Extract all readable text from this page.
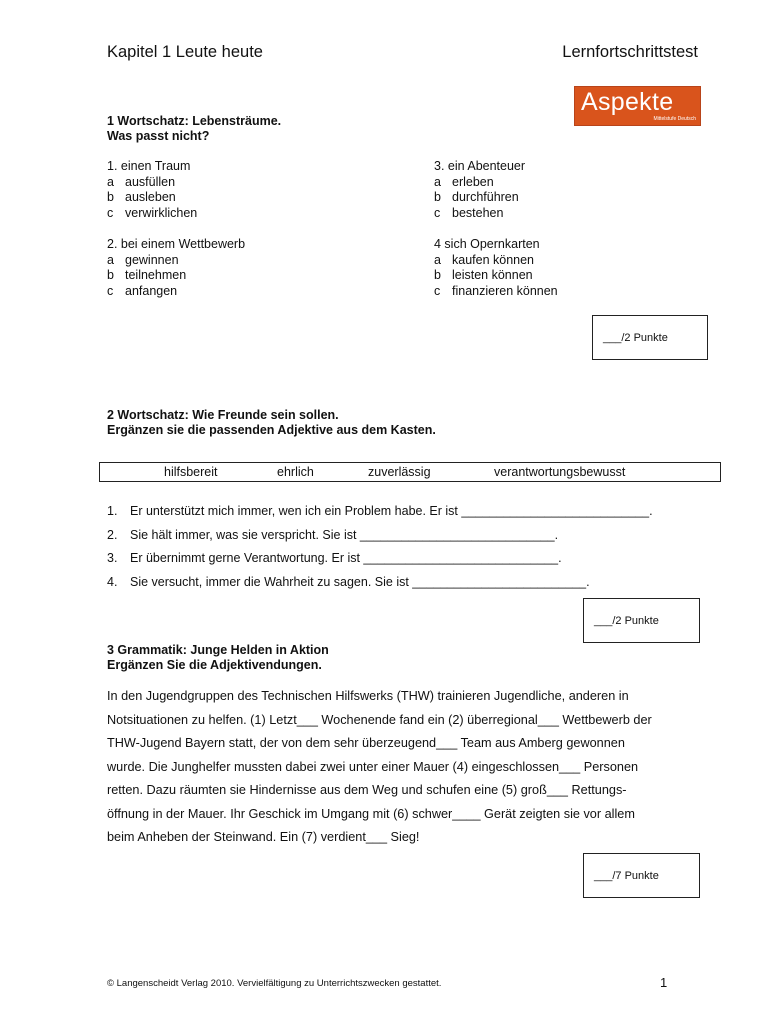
Kapitel 1 Leute heute	Lernfortschrittstest
Aspekte
Mittelstufe Deutsch
1 Wortschatz: Lebensträume.
Was passt nicht?
1. einen Traum
a ausfüllen
b ausleben
c verwirklichen
3. ein Abenteuer
a erleben
b durchführen
c bestehen
2. bei einem Wettbewerb
a gewinnen
b teilnehmen
c anfangen
4 sich Opernkarten
a kaufen können
b leisten können
c finanzieren können
___/2 Punkte
2 Wortschatz: Wie Freunde sein sollen.
Ergänzen sie die passenden Adjektive aus dem Kasten.
hilfsbereit	ehrlich	zuverlässig	verantwortungsbewusst
1. Er unterstützt mich immer, wen ich ein Problem habe. Er ist ___________________________.
2. Sie hält immer, was sie verspricht. Sie ist ____________________________.
3. Er übernimmt gerne Verantwortung. Er ist ____________________________.
4. Sie versucht, immer die Wahrheit zu sagen. Sie ist _________________________.
___/2 Punkte
3 Grammatik: Junge Helden in Aktion
Ergänzen Sie die Adjektivendungen.
In den Jugendgruppen des Technischen Hilfswerks (THW) trainieren Jugendliche, anderen in
Notsituationen zu helfen. (1) Letzt___ Wochenende fand ein (2) überregional___ Wettbewerb der
THW-Jugend Bayern statt, der von dem sehr überzeugend___ Team aus Amberg gewonnen
wurde. Die Junghelfer mussten dabei zwei unter einer Mauer (4) eingeschlossen___ Personen
retten. Dazu räumten sie Hindernisse aus dem Weg und schufen eine (5) groß___ Rettungs-
öffnung in der Mauer. Ihr Geschick im Umgang mit (6) schwer____ Gerät zeigten sie vor allem
beim Anheben der Steinwand. Ein (7) verdient___ Sieg!
___/7 Punkte
© Langenscheidt Verlag 2010. Vervielfältigung zu Unterrichtszwecken gestattet.	1
